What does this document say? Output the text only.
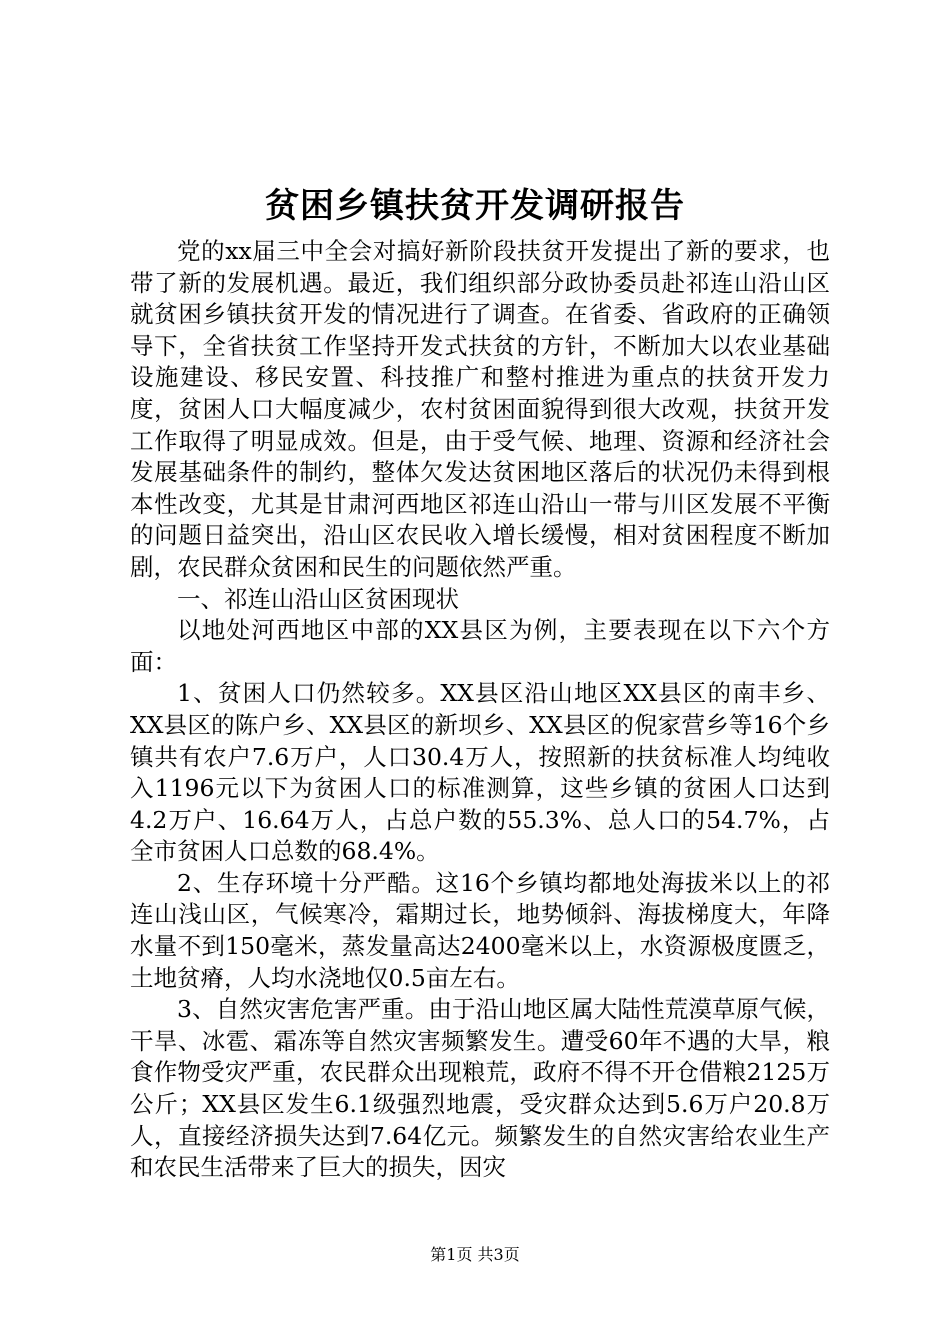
贫困乡镇扶贫开发调研报告

党的xx届三中全会对搞好新阶段扶贫开发提出了新的要求，也带了新的发展机遇。最近，我们组织部分政协委员赴祁连山沿山区就贫困乡镇扶贫开发的情况进行了调查。在省委、省政府的正确领导下，全省扶贫工作坚持开发式扶贫的方针，不断加大以农业基础设施建设、移民安置、科技推广和整村推进为重点的扶贫开发力度，贫困人口大幅度减少，农村贫困面貌得到很大改观，扶贫开发工作取得了明显成效。但是，由于受气候、地理、资源和经济社会发展基础条件的制约，整体欠发达贫困地区落后的状况仍未得到根本性改变，尤其是甘肃河西地区祁连山沿山一带与川区发展不平衡的问题日益突出，沿山区农民收入增长缓慢，相对贫困程度不断加剧，农民群众贫困和民生的问题依然严重。

一、祁连山沿山区贫困现状

以地处河西地区中部的XX县区为例，主要表现在以下六个方面：

1、贫困人口仍然较多。XX县区沿山地区XX县区的南丰乡、XX县区的陈户乡、XX县区的新坝乡、XX县区的倪家营乡等16个乡镇共有农户7.6万户，人口30.4万人，按照新的扶贫标准人均纯收入1196元以下为贫困人口的标准测算，这些乡镇的贫困人口达到4.2万户、16.64万人，占总户数的55.3%、总人口的54.7%，占全市贫困人口总数的68.4%。

2、生存环境十分严酷。这16个乡镇均都地处海拔米以上的祁连山浅山区，气候寒冷，霜期过长，地势倾斜、海拔梯度大，年降水量不到150毫米，蒸发量高达2400毫米以上，水资源极度匮乏，土地贫瘠，人均水浇地仅0.5亩左右。

3、自然灾害危害严重。由于沿山地区属大陆性荒漠草原气候，干旱、冰雹、霜冻等自然灾害频繁发生。遭受60年不遇的大旱，粮食作物受灾严重，农民群众出现粮荒，政府不得不开仓借粮2125万公斤；XX县区发生6.1级强烈地震，受灾群众达到5.6万户20.8万人，直接经济损失达到7.64亿元。频繁发生的自然灾害给农业生产和农民生活带来了巨大的损失，因灾

第1页 共3页
